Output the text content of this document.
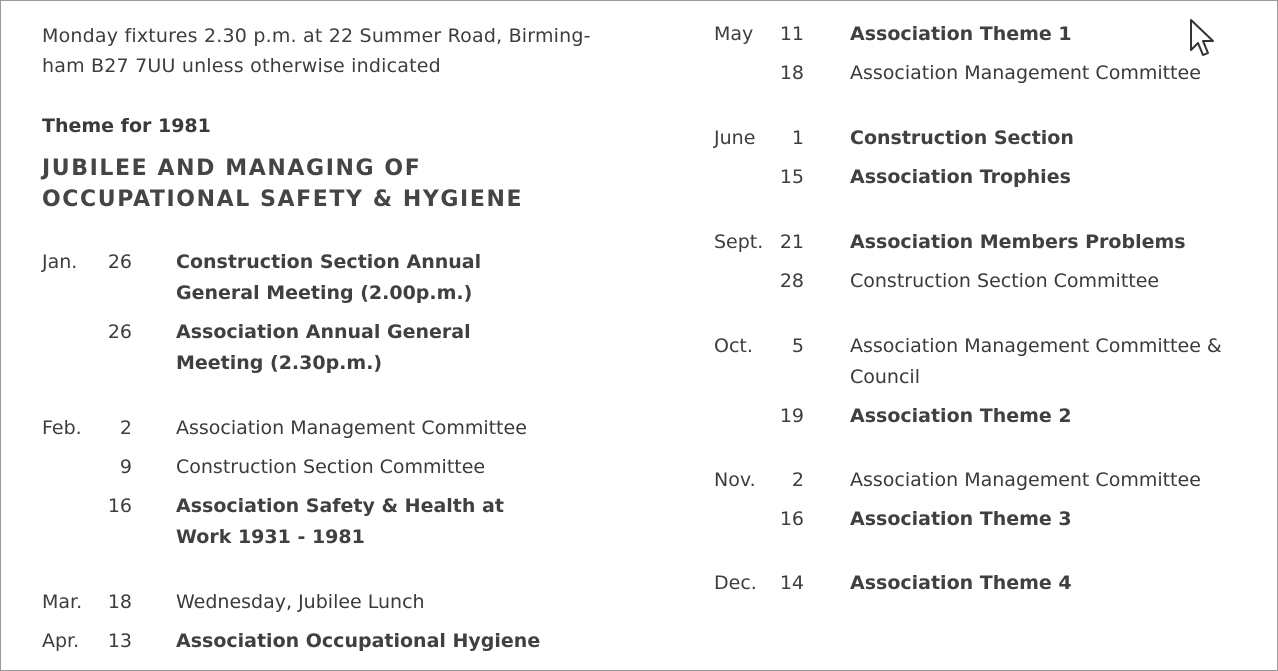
Monday fixtures 2.30 p.m. at 22 Summer Road, Birming-
ham B27 7UU unless otherwise indicated
Theme for 1981
JUBILEE AND MANAGING OF
OCCUPATIONAL SAFETY & HYGIENE
Jan.	26 Construction Section Annual
General Meeting (2.00p.m.)
26 Association Annual General
Meeting (2.30p.m.)
Feb.	2 Association Management Committee
9 Construction Section Committee
16 Association Safety & Health at
Work 1931 - 1981
Mar.	18 Wednesday, Jubilee Lunch
Apr.	13 Association Occupational Hygiene
May	11 Association Theme 1
18 Association Management Committee
June	1 Construction Section
15 Association Trophies
Sept. 21 Association Members Problems
28 Construction Section Committee
Oct.	5 Association Management Committee &
Council
19 Association Theme 2
Nov.	2 Association Management Committee
16 Association Theme 3
Dec.	14 Association Theme 4
